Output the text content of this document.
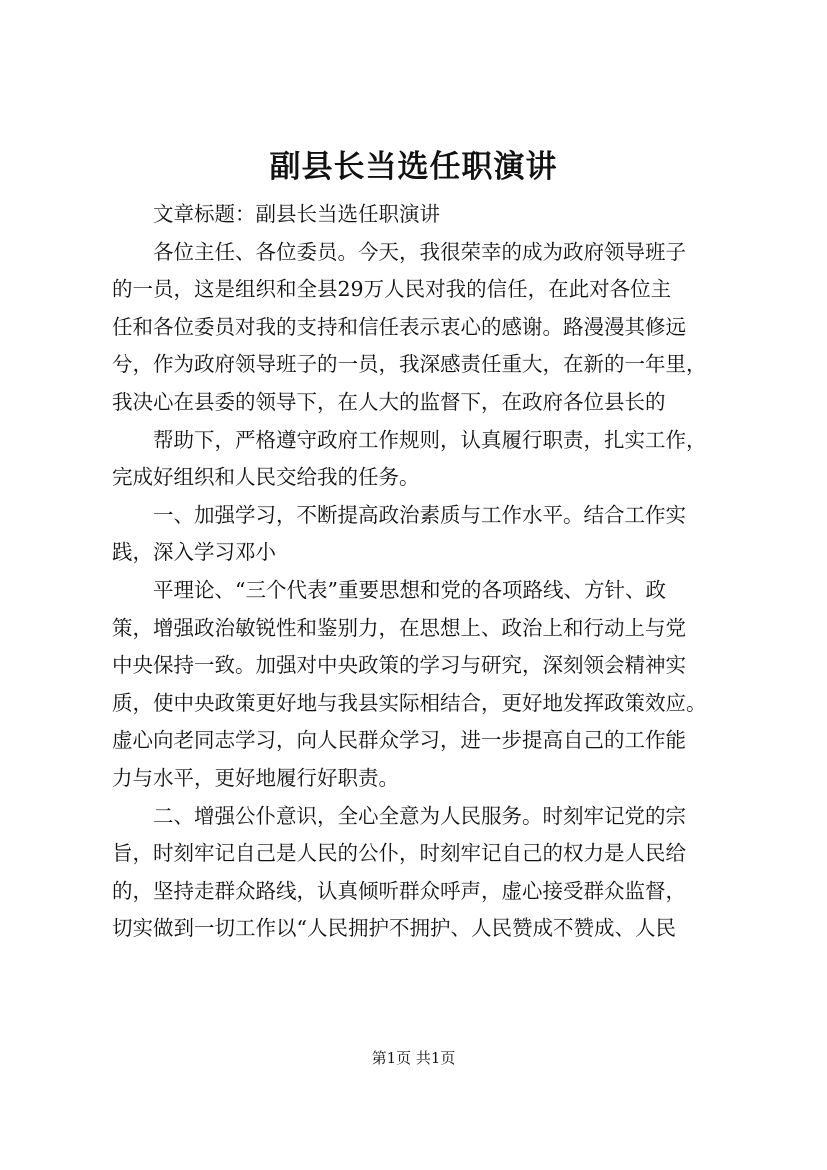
副县长当选任职演讲
文章标题：副县长当选任职演讲
各位主任、各位委员。今天，我很荣幸的成为政府领导班子
的一员，这是组织和全县29万人民对我的信任，在此对各位主
任和各位委员对我的支持和信任表示衷心的感谢。路漫漫其修远
兮，作为政府领导班子的一员，我深感责任重大，在新的一年里，
我决心在县委的领导下，在人大的监督下，在政府各位县长的
帮助下，严格遵守政府工作规则，认真履行职责，扎实工作，
完成好组织和人民交给我的任务。
一、加强学习，不断提高政治素质与工作水平。结合工作实
践，深入学习邓小
平理论、“三个代表”重要思想和党的各项路线、方针、政
策，增强政治敏锐性和鉴别力，在思想上、政治上和行动上与党
中央保持一致。加强对中央政策的学习与研究，深刻领会精神实
质，使中央政策更好地与我县实际相结合，更好地发挥政策效应。
虚心向老同志学习，向人民群众学习，进一步提高自己的工作能
力与水平，更好地履行好职责。
二、增强公仆意识，全心全意为人民服务。时刻牢记党的宗
旨，时刻牢记自己是人民的公仆，时刻牢记自己的权力是人民给
的，坚持走群众路线，认真倾听群众呼声，虚心接受群众监督，
切实做到一切工作以“人民拥护不拥护、人民赞成不赞成、人民
第1页 共1页
